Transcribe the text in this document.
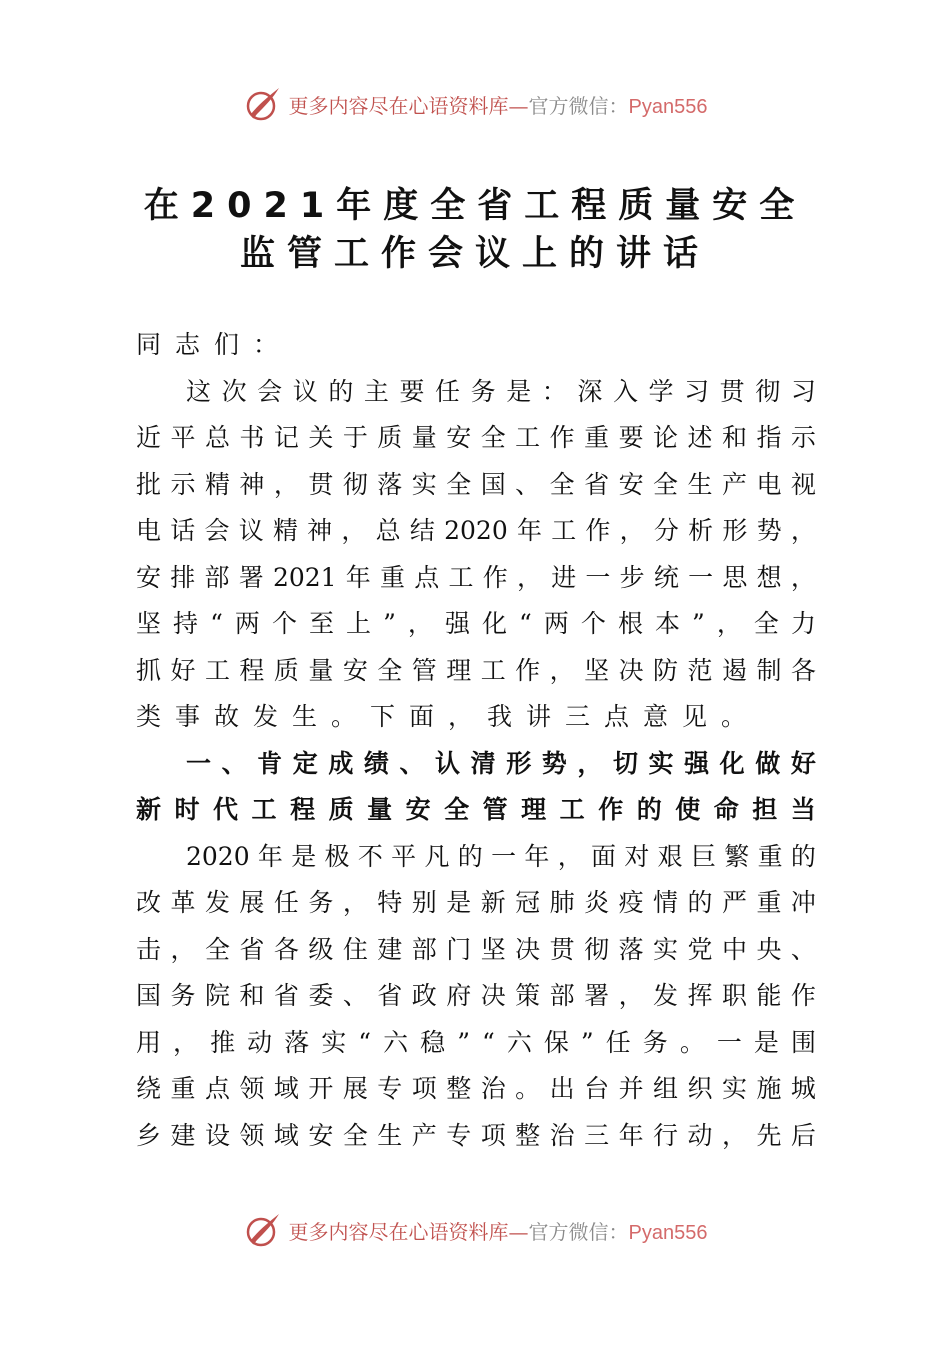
更多内容尽在心语资料库—官方微信：Pyan556
在2021年度全省工程质量安全
监管工作会议上的讲话
同志们：
这 次 会 议 的 主 要 任 务 是 ： 深 入 学 习 贯 彻 习
近 平 总 书 记 关 于 质 量 安 全 工 作 重 要 论 述 和 指 示
批 示 精 神 ， 贯 彻 落 实 全 国 、 全 省 安 全 生 产 电 视
电 话 会 议 精 神 ， 总 结 2020 年 工 作 ， 分 析 形 势 ，
安 排 部 署 2021 年 重 点 工 作 ， 进 一 步 统 一 思 想 ，
坚 持 “ 两 个 至 上 ” ， 强 化 “ 两 个 根 本 ” ， 全 力
抓 好 工 程 质 量 安 全 管 理 工 作 ， 坚 决 防 范 遏 制 各
类事故发生。下面，我讲三点意见。
一 、 肯 定 成 绩 、 认 清 形 势 ， 切 实 强 化 做 好
新 时 代 工 程 质 量 安 全 管 理 工 作 的 使 命 担 当
2020 年 是 极 不 平 凡 的 一 年 ， 面 对 艰 巨 繁 重 的
改 革 发 展 任 务 ， 特 别 是 新 冠 肺 炎 疫 情 的 严 重 冲
击 ， 全 省 各 级 住 建 部 门 坚 决 贯 彻 落 实 党 中 央 、
国 务 院 和 省 委 、 省 政 府 决 策 部 署 ， 发 挥 职 能 作
用 ， 推 动 落 实 “ 六 稳 ” “ 六 保 ” 任 务 。 一 是 围
绕 重 点 领 域 开 展 专 项 整 治 。 出 台 并 组 织 实 施 城
乡 建 设 领 域 安 全 生 产 专 项 整 治 三 年 行 动 ， 先 后
更多内容尽在心语资料库—官方微信：Pyan556
